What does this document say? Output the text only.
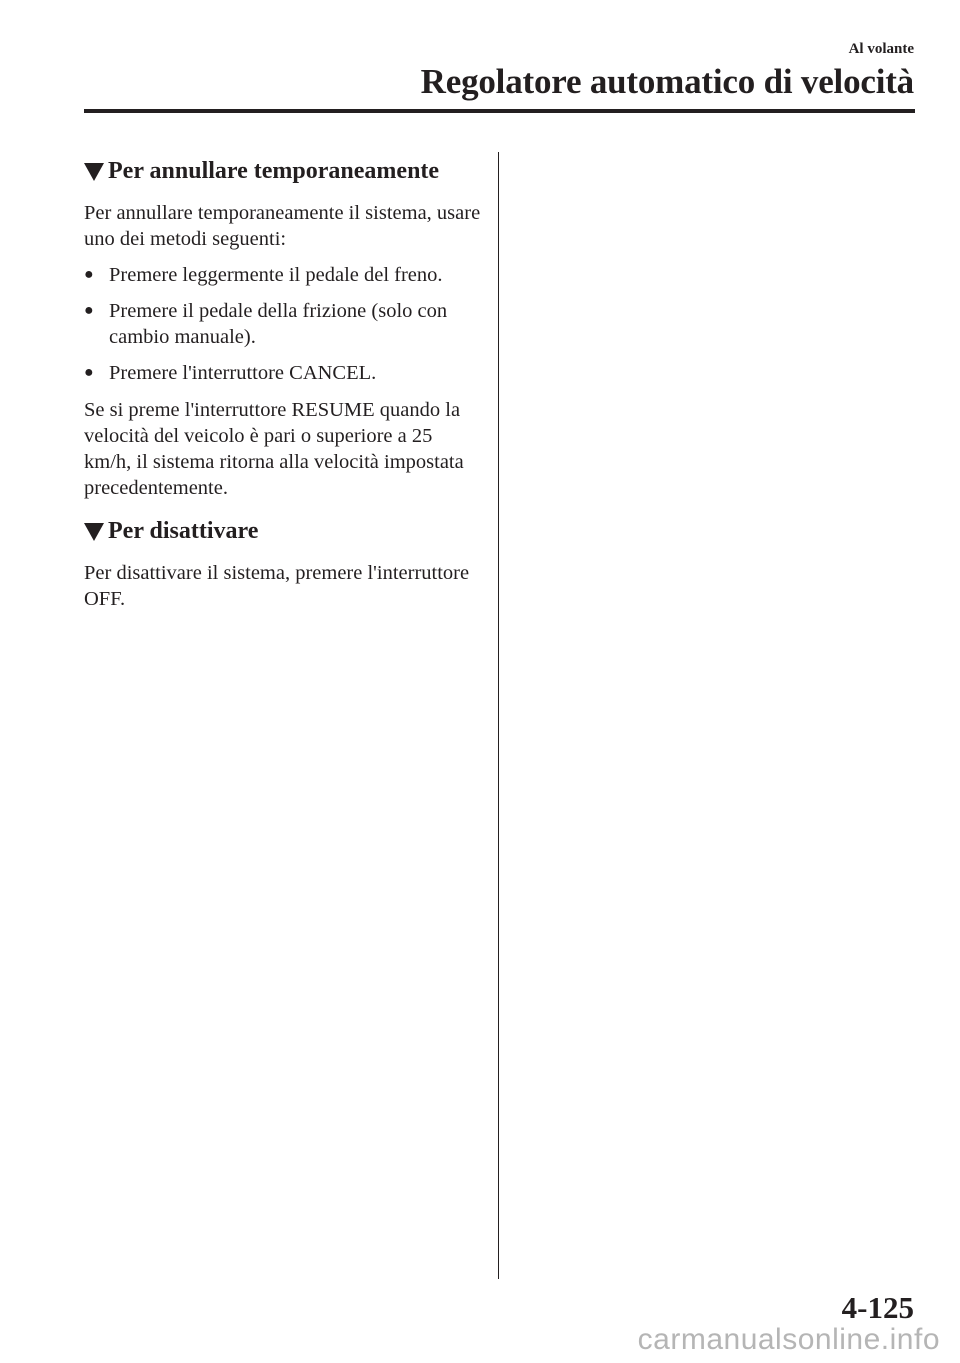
Al volante
Regolatore automatico di velocità
Per annullare temporaneamente

Per annullare temporaneamente il sistema, usare uno dei metodi seguenti:

● Premere leggermente il pedale del freno.
● Premere il pedale della frizione (solo con cambio manuale).
● Premere l'interruttore CANCEL.

Se si preme l'interruttore RESUME quando la velocità del veicolo è pari o superiore a 25 km/h, il sistema ritorna alla velocità impostata precedentemente.

Per disattivare

Per disattivare il sistema, premere l'interruttore OFF.

4-125
carmanualsonline.info
